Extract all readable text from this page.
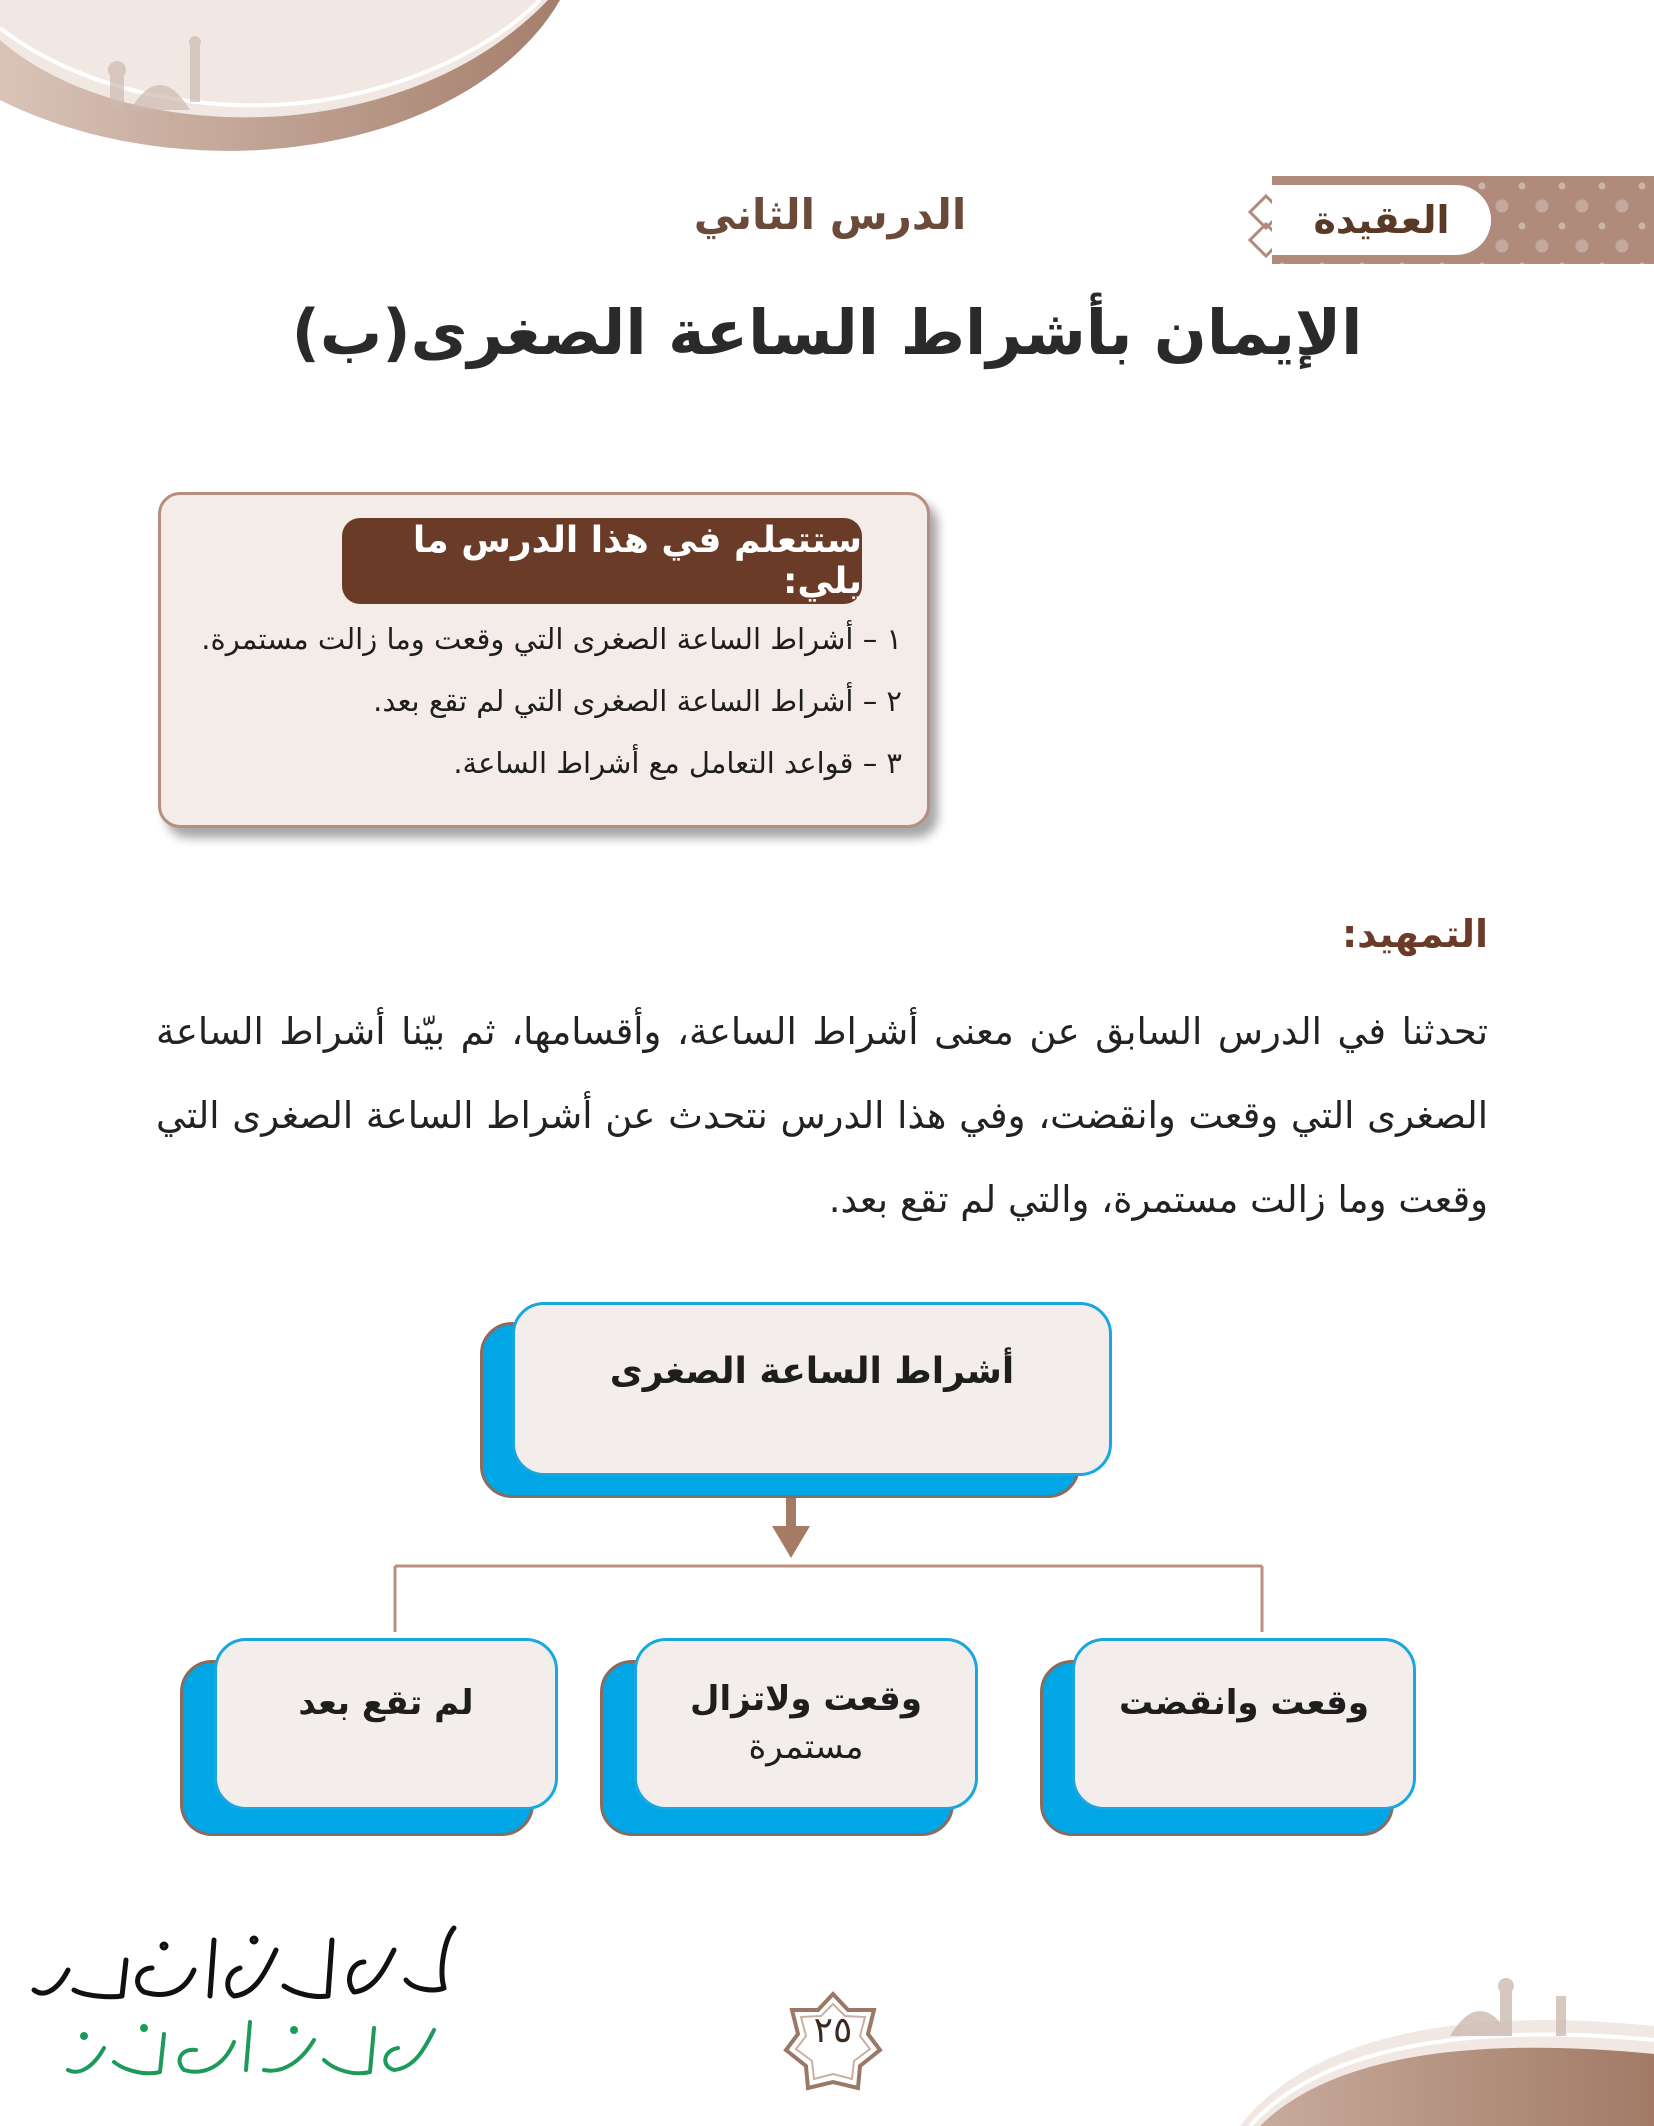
العقيدة
الدرس الثاني
الإيمان بأشراط الساعة الصغرى(ب)
ستتعلم في هذا الدرس ما يلي:
١ – أشراط الساعة الصغرى التي وقعت وما زالت مستمرة.
٢ – أشراط الساعة الصغرى التي لم تقع بعد.
٣ – قواعد التعامل مع أشراط الساعة.
التمهيد:
تحدثنا في الدرس السابق عن معنى أشراط الساعة، وأقسامها، ثم بيّنا أشراط الساعة الصغرى التي وقعت وانقضت، وفي هذا الدرس نتحدث عن أشراط الساعة الصغرى التي وقعت وما زالت مستمرة، والتي لم تقع بعد.
أشراط الساعة الصغرى
وقعت وانقضت
وقعت ولاتزال
مستمرة
لم تقع بعد
٢٥
